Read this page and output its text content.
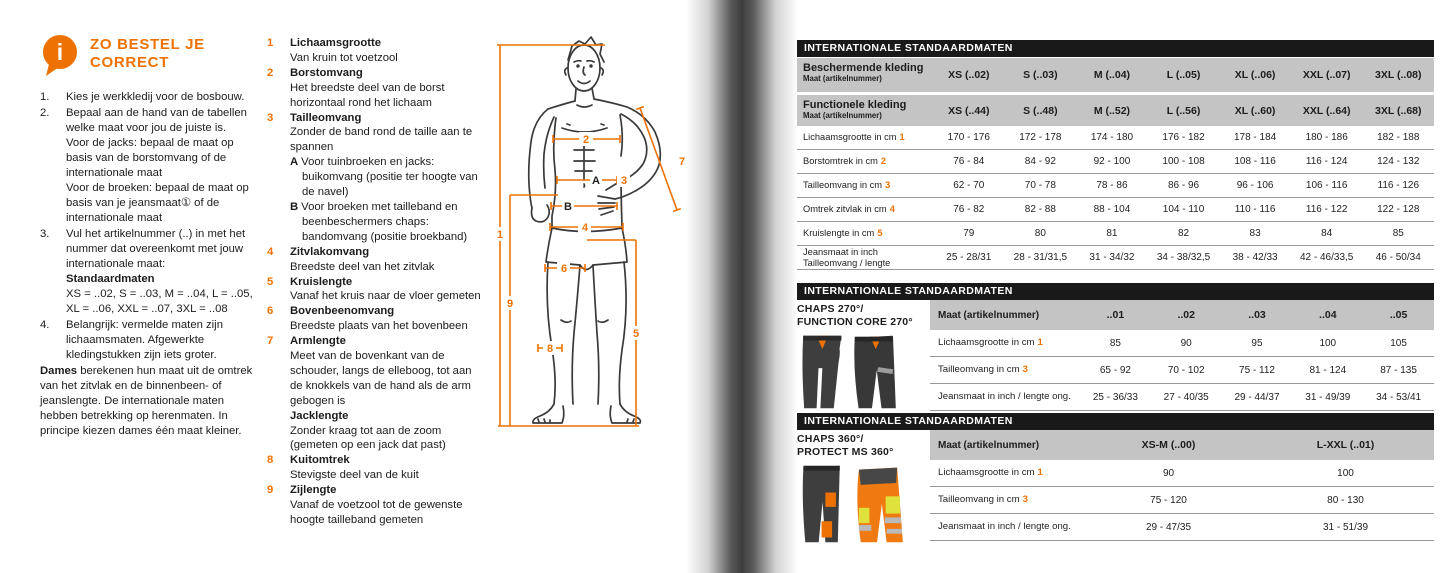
i ZO BESTEL JE
CORRECT
1.	Kies je werkkledij voor de bosbouw.
2.	Bepaal aan de hand van de tabellen welke maat voor jou de juiste is.
Voor de jacks: bepaal de maat op basis van de borstomvang of de internationale maat
Voor de broeken: bepaal de maat op basis van je jeansmaat① of de internationale maat
3.	Vul het artikelnummer (..) in met het nummer dat overeenkomt met jouw internationale maat:
Standaardmaten
XS = ..02, S = ..03, M = ..04, L = ..05, XL = ..06, XXL = ..07, 3XL = ..08
4.	Belangrijk: vermelde maten zijn lichaamsmaten. Afgewerkte kledingstukken zijn iets groter.
Dames berekenen hun maat uit de omtrek van het zitvlak en de binnenbeen- of jeanslengte. De internationale maten hebben betrekking op herenmaten. In principe kiezen dames één maat kleiner.
1	Lichaamsgrootte
Van kruin tot voetzool
2	Borstomvang
Het breedste deel van de borst horizontaal rond het lichaam
3	Tailleomvang
Zonder de band rond de taille aan te spannen
A Voor tuinbroeken en jacks: buikomvang (positie ter hoogte van de navel)
B Voor broeken met tailleband en beenbeschermers chaps: bandomvang (positie broekband)
4	Zitvlakomvang
Breedste deel van het zitvlak
5	Kruislengte
Vanaf het kruis naar de vloer gemeten
6	Bovenbeenomvang
Breedste plaats van het bovenbeen
7	Armlengte
Meet van de bovenkant van de schouder, langs de elleboog, tot aan de knokkels van de hand als de arm gebogen is
Jacklengte
Zonder kraag tot aan de zoom (gemeten op een jack dat past)
8	Kuitomtrek
Stevigste deel van de kuit
9	Zijlengte
Vanaf de voetzool tot de gewenste hoogte tailleband gemeten
1
2
3
4
5
6
7
8
9
A
B
INTERNATIONALE STANDAARDMATEN
Beschermende kleding
Maat (artikelnummer)	XS (..02)	S (..03)	M (..04)	L (..05)	XL (..06)	XXL (..07)	3XL (..08)
Functionele kleding
Maat (artikelnummer)	XS (..44)	S (..48)	M (..52)	L (..56)	XL (..60)	XXL (..64)	3XL (..68)
Lichaamsgrootte in cm 1	170 - 176	172 - 178	174 - 180	176 - 182	178 - 184	180 - 186	182 - 188
Borstomtrek in cm 2	76 - 84	84 - 92	92 - 100	100 - 108	108 - 116	116 - 124	124 - 132
Tailleomvang in cm 3	62 - 70	70 - 78	78 - 86	86 - 96	96 - 106	106 - 116	116 - 126
Omtrek zitvlak in cm 4	76 - 82	82 - 88	88 - 104	104 - 110	110 - 116	116 - 122	122 - 128
Kruislengte in cm 5	79	80	81	82	83	84	85
Jeansmaat in inch
Tailleomvang / lengte	25 - 28/31	28 - 31/31,5	31 - 34/32	34 - 38/32,5	38 - 42/33	42 - 46/33,5	46 - 50/34
INTERNATIONALE STANDAARDMATEN
CHAPS 270°/
FUNCTION CORE 270°
Maat (artikelnummer)	..01	..02	..03	..04	..05
Lichaamsgrootte in cm 1	85	90	95	100	105
Tailleomvang in cm 3	65 - 92	70 - 102	75 - 112	81 - 124	87 - 135
Jeansmaat in inch / lengte ong.	25 - 36/33	27 - 40/35	29 - 44/37	31 - 49/39	34 - 53/41
INTERNATIONALE STANDAARDMATEN
CHAPS 360°/
PROTECT MS 360°
Maat (artikelnummer)	XS-M (..00)	L-XXL (..01)
Lichaamsgrootte in cm 1	90	100
Tailleomvang in cm 3	75 - 120	80 - 130
Jeansmaat in inch / lengte ong.	29 - 47/35	31 - 51/39
